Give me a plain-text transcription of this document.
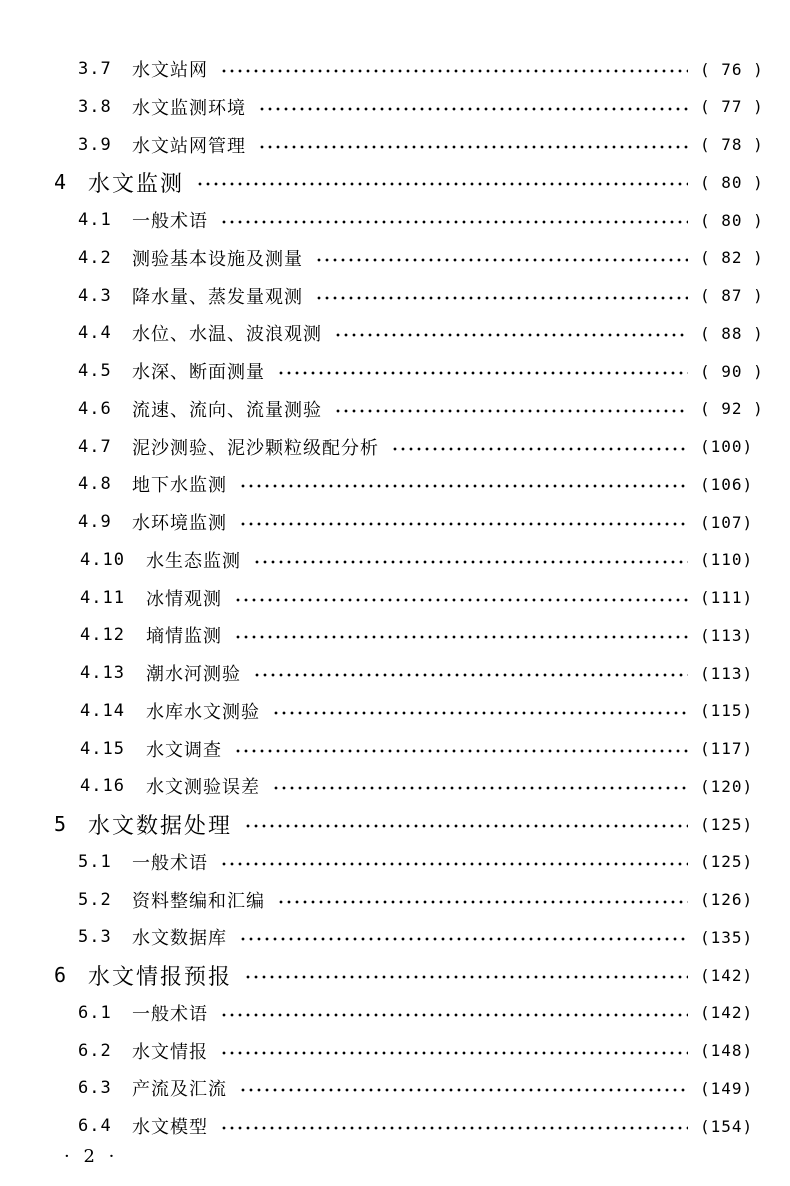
3.7 水文站网	( 76 )
3.8 水文监测环境	( 77 )
3.9 水文站网管理	( 78 )
4 水文监测	( 80 )
4.1 一般术语	( 80 )
4.2 测验基本设施及测量	( 82 )
4.3 降水量、蒸发量观测	( 87 )
4.4 水位、水温、波浪观测	( 88 )
4.5 水深、断面测量	( 90 )
4.6 流速、流向、流量测验	( 92 )
4.7 泥沙测验、泥沙颗粒级配分析	(100)
4.8 地下水监测	(106)
4.9 水环境监测	(107)
4.10 水生态监测	(110)
4.11 冰情观测	(111)
4.12 墒情监测	(113)
4.13 潮水河测验	(113)
4.14 水库水文测验	(115)
4.15 水文调查	(117)
4.16 水文测验误差	(120)
5 水文数据处理	(125)
5.1 一般术语	(125)
5.2 资料整编和汇编	(126)
5.3 水文数据库	(135)
6 水文情报预报	(142)
6.1 一般术语	(142)
6.2 水文情报	(148)
6.3 产流及汇流	(149)
6.4 水文模型	(154)
· 2 ·
